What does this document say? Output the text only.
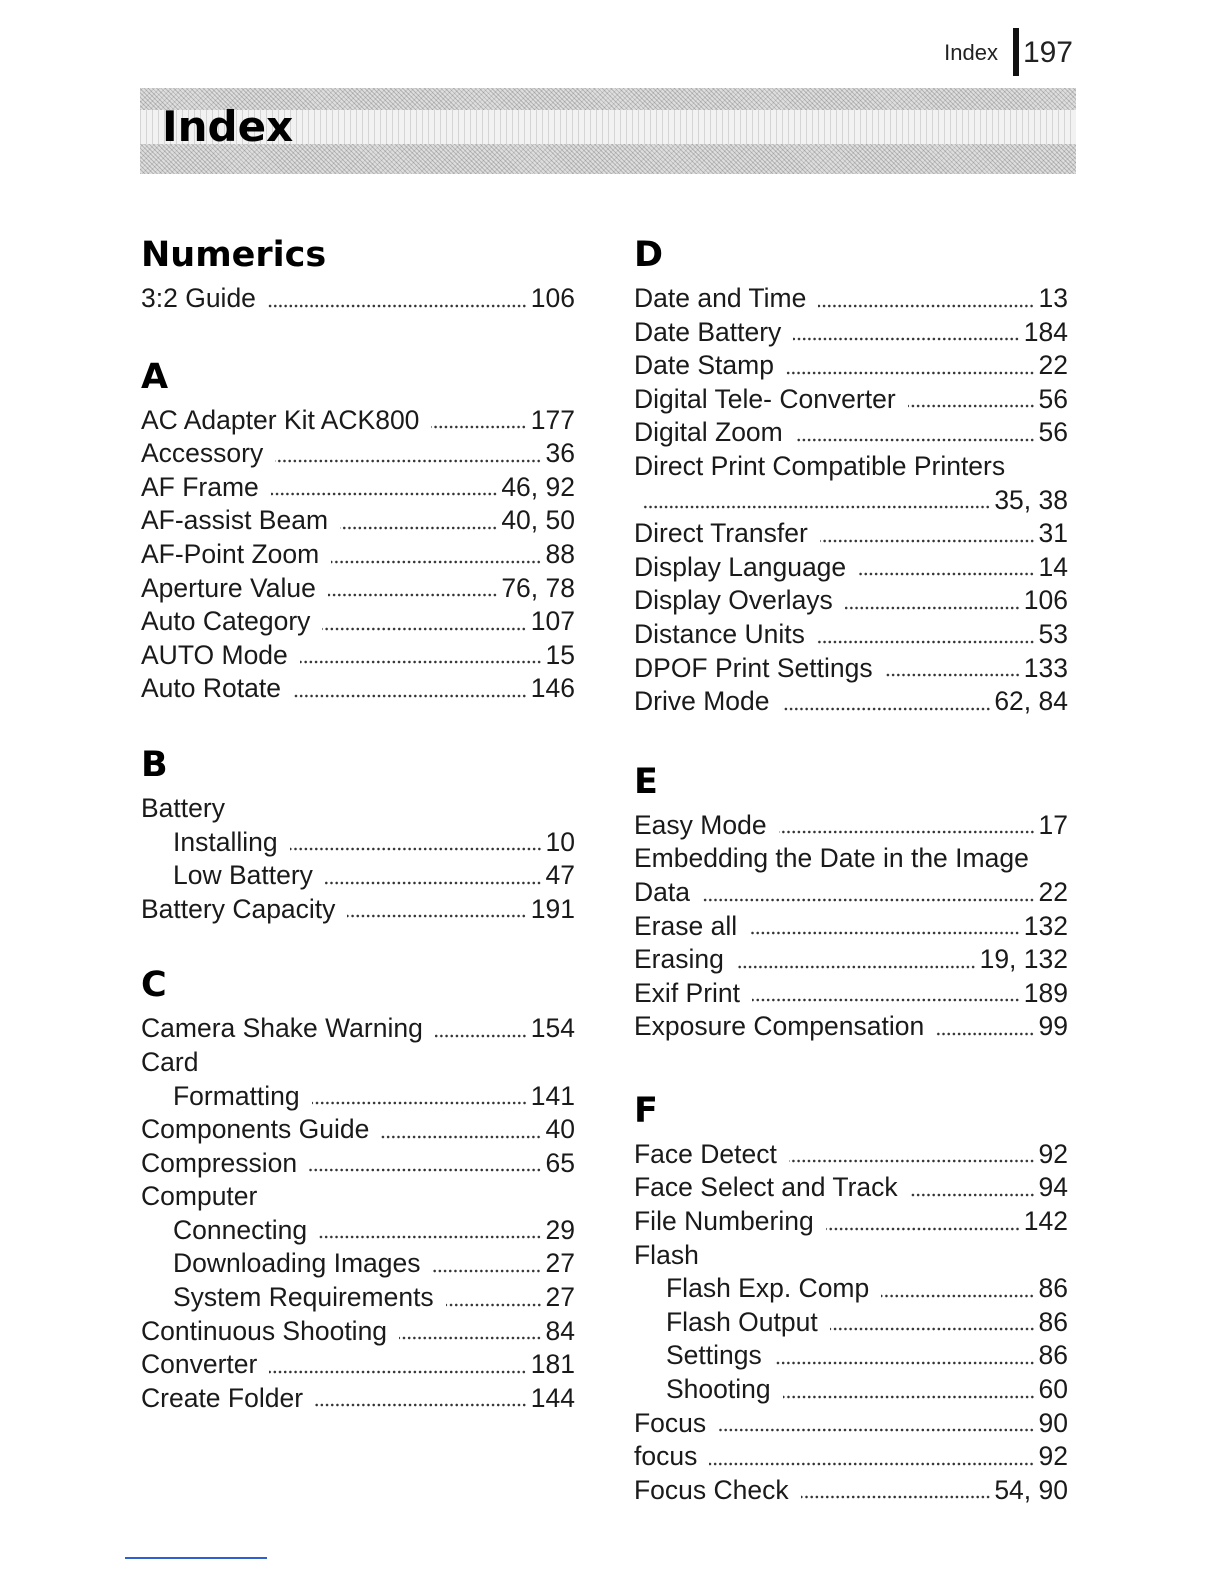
Index 197
Index
Numerics
3:2 Guide	106
A
AC Adapter Kit ACK800	177
Accessory	36
AF Frame	46, 92
AF-assist Beam	40, 50
AF-Point Zoom	88
Aperture Value	76, 78
Auto Category	107
AUTO Mode	15
Auto Rotate	146
B
Battery
Installing	10
Low Battery	47
Battery Capacity	191
C
Camera Shake Warning	154
Card
Formatting	141
Components Guide	40
Compression	65
Computer
Connecting	29
Downloading Images	27
System Requirements	27
Continuous Shooting	84
Converter	181
Create Folder	144
D
Date and Time	13
Date Battery	184
Date Stamp	22
Digital Tele- Converter	56
Digital Zoom	56
Direct Print Compatible Printers
35, 38
Direct Transfer	31
Display Language	14
Display Overlays	106
Distance Units	53
DPOF Print Settings	133
Drive Mode	62, 84
E
Easy Mode	17
Embedding the Date in the Image
Data	22
Erase all	132
Erasing	19, 132
Exif Print	189
Exposure Compensation	99
F
Face Detect	92
Face Select and Track	94
File Numbering	142
Flash
Flash Exp. Comp	86
Flash Output	86
Settings	86
Shooting	60
Focus	90
focus	92
Focus Check	54, 90
